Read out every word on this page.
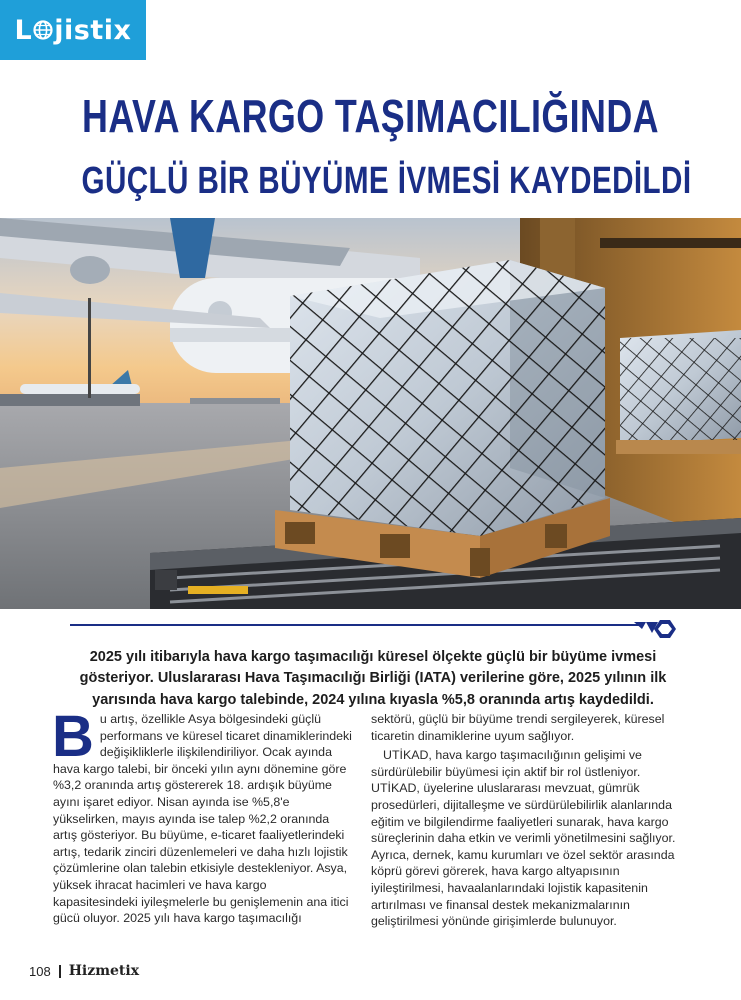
L jistix
HAVA KARGO TAŞIMACILIĞINDA
GÜÇLÜ BİR BÜYÜME İVMESİ KAYDEDİLDİ

2025 yılı itibarıyla hava kargo taşımacılığı küresel ölçekte güçlü bir büyüme ivmesi gösteriyor. Uluslararası Hava Taşımacılığı Birliği (IATA) verilerine göre, 2025 yılının ilk yarısında hava kargo talebinde, 2024 yılına kıyasla %5,8 oranında artış kaydedildi.

B u artış, özellikle Asya bölgesindeki güçlü performans ve küresel ticaret dinamiklerindeki değişikliklerle ilişkilendiriliyor. Ocak ayında hava kargo talebi, bir önceki yılın aynı dönemine göre %3,2 oranında artış göstererek 18. ardışık büyüme ayını işaret ediyor. Nisan ayında ise %5,8'e yükselirken, mayıs ayında ise talep %2,2 oranında artış gösteriyor. Bu büyüme, e-ticaret faaliyetlerindeki artış, tedarik zinciri düzenlemeleri ve daha hızlı lojistik çözümlerine olan talebin etkisiyle destekleniyor. Asya, yüksek ihracat hacimleri ve hava kargo kapasitesindeki iyileşmelerle bu genişlemenin ana itici gücü oluyor. 2025 yılı hava kargo taşımacılığı

sektörü, güçlü bir büyüme trendi sergileyerek, küresel ticaretin dinamiklerine uyum sağlıyor.

UTİKAD, hava kargo taşımacılığının gelişimi ve sürdürülebilir büyümesi için aktif bir rol üstleniyor. UTİKAD, üyelerine uluslararası mevzuat, gümrük prosedürleri, dijitalleşme ve sürdürülebilirlik alanlarında eğitim ve bilgilendirme faaliyetleri sunarak, hava kargo süreçlerinin daha etkin ve verimli yönetilmesini sağlıyor. Ayrıca, dernek, kamu kurumları ve özel sektör arasında köprü görevi görerek, hava kargo altyapısının iyileştirilmesi, havaalanlarındaki lojistik kapasitenin artırılması ve finansal destek mekanizmalarının geliştirilmesi yönünde girişimlerde bulunuyor.

108 Hizmetix
